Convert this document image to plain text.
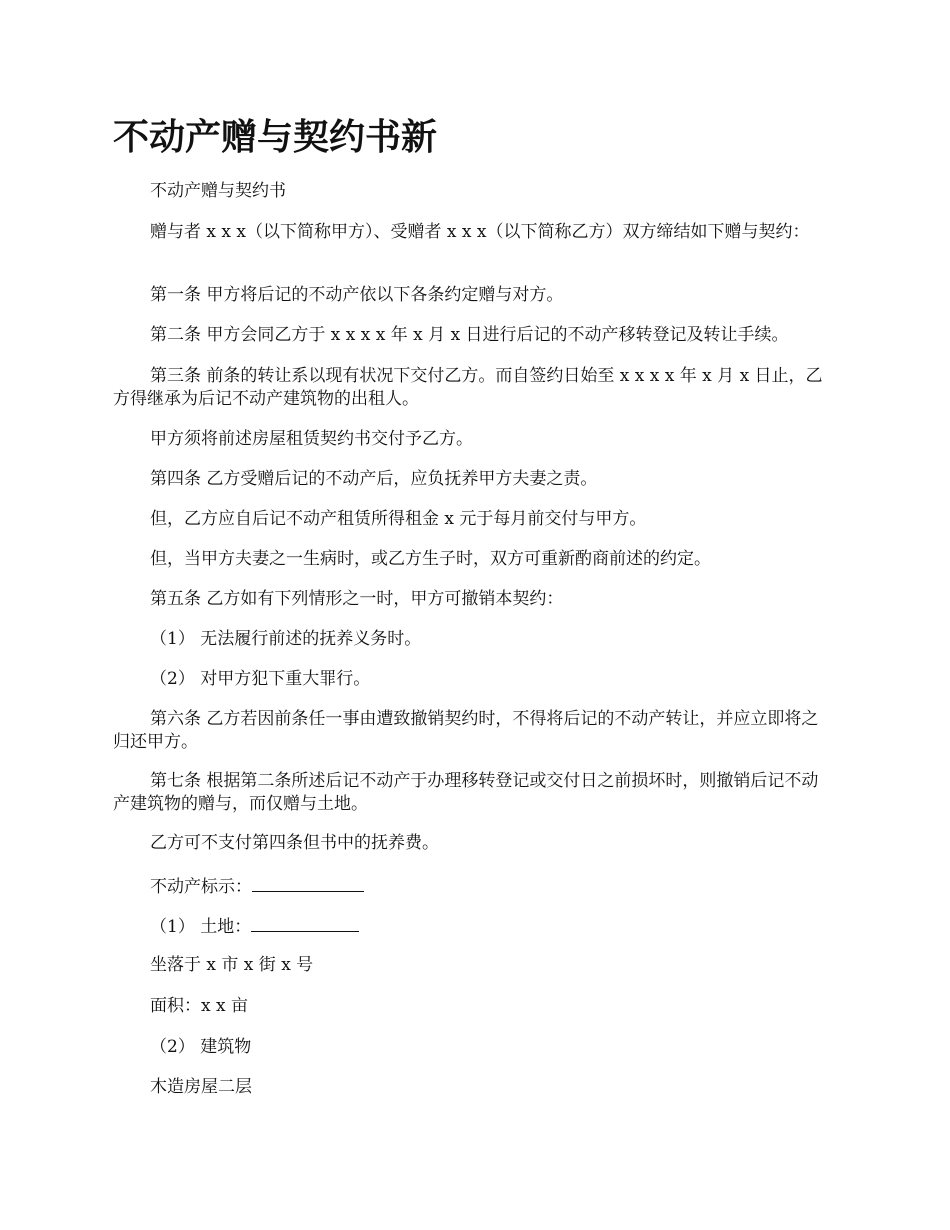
不动产赠与契约书新

不动产赠与契约书

赠与者 x x x（以下简称甲方）、受赠者 x x x（以下简称乙方）双方缔结如下赠与契约：

第一条 甲方将后记的不动产依以下各条约定赠与对方。

第二条 甲方会同乙方于 x x x x 年 x 月 x 日进行后记的不动产移转登记及转让手续。

第三条 前条的转让系以现有状况下交付乙方。而自签约日始至 x x x x 年 x 月 x 日止，乙方得继承为后记不动产建筑物的出租人。

甲方须将前述房屋租赁契约书交付予乙方。

第四条 乙方受赠后记的不动产后，应负抚养甲方夫妻之责。

但，乙方应自后记不动产租赁所得租金 x 元于每月前交付与甲方。

但，当甲方夫妻之一生病时，或乙方生子时，双方可重新酌商前述的约定。

第五条 乙方如有下列情形之一时，甲方可撤销本契约：

（1） 无法履行前述的抚养义务时。

（2） 对甲方犯下重大罪行。

第六条 乙方若因前条任一事由遭致撤销契约时，不得将后记的不动产转让，并应立即将之归还甲方。

第七条 根据第二条所述后记不动产于办理移转登记或交付日之前损坏时，则撤销后记不动产建筑物的赠与，而仅赠与土地。

乙方可不支付第四条但书中的抚养费。

不动产标示：

（1） 土地：

坐落于 x 市 x 街 x 号

面积：x x 亩

（2） 建筑物

木造房屋二层
